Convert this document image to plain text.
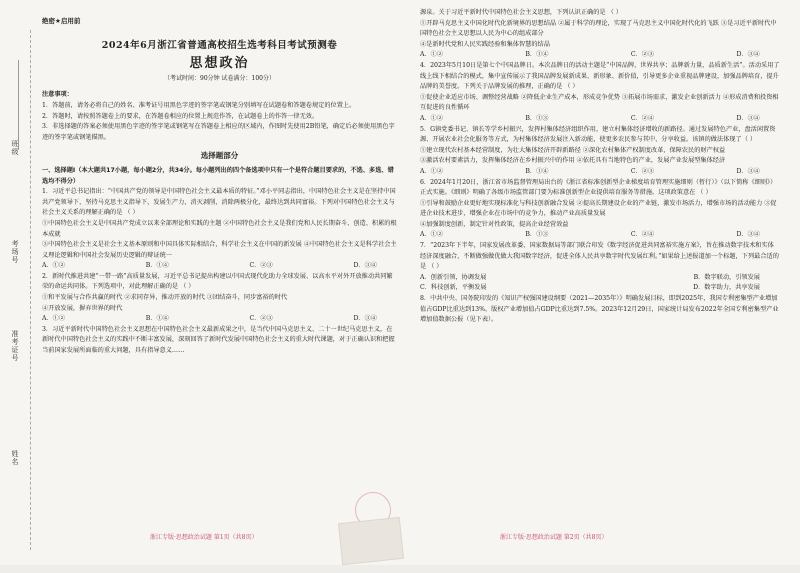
班级
考场号
准考证号
姓名
绝密★启用前
2024年6月浙江省普通高校招生选考科目考试预测卷
思想政治
（考试时间：90分钟 试卷满分：100分）
注意事项：

1．答题前，请务必将自己的姓名、准考证号用黑色字迹的签字笔或钢笔分别填写在试题卷和答题卷规定的位置上。

2．答题时，请按照答题卷上的要求，在答题卷相应的位置上规范作答，在试题卷上的作答一律无效。

3．非选择题的答案必须使用黑色字迹的签字笔或钢笔写在答题卷上相应的区域内，作图时先使用2B铅笔，确定后必须使用黑色字迹的签字笔或钢笔描黑。

选择题部分

一、选择题Ⅰ（本大题共17小题，每小题2分，共34分。每小题列出的四个备选项中只有一个是符合题目要求的，不选、多选、错选均不得分）

1．习近平总书记指出：“中国共产党的领导是中国特色社会主义最本质的特征。”邓小平同志指出，中国特色社会主义是在坚持中国共产党领导下，坚持马克思主义指导下，发展生产力，消灭剥削，消除两极分化，最终达到共同富裕。下列对中国特色社会主义与社会主义关系的理解正确的是 （ ）

①中国特色社会主义是中国共产党成立以来全部理论和实践的主题 ②中国特色社会主义是我们党和人民长期奋斗、创造、积累的根本成就

③中国特色社会主义是社会主义基本原则和中国具体实际相结合，科学社会主义在中国的新发展 ④中国特色社会主义是科学社会主义理论逻辑和中国社会发展历史逻辑的辩证统一

A．①②	B．①④	C．②③	D．③④

2．新时代推进共建“一带一路”高质量发展，习近平总书记提出构建以中国式现代化助力全球发展、以高水平对外开放推动共同繁荣的命运共同体。下列选项中，对此理解正确的是 （ ）

①和平发展与合作共赢的时代 ②求同存异，推动开放的时代 ③团结奋斗，同步富裕的时代

④开放发展，摒弃世界的时代

A．①②	B．①④	C．②③	D．③④

3．习近平新时代中国特色社会主义思想在中国特色社会主义最新成果之中，是当代中国马克思主义、二十一世纪马克思主义，在新时代中国特色社会主义的实践中不断丰富发展，深刻回答了新时代发展中国特色社会主义的重大时代课题，对于正确认识和把握当前国家发展所面临的重大问题，具有指导意义……

源泉。关于习近平新时代中国特色社会主义思想，下列认识正确的是 （ ）

①开辟马克思主义中国化时代化新境界的思想结晶 ②属于科学的理论，实现了马克思主义中国化时代化的飞跃 ③是习近平新时代中国特色社会主义思想以人民为中心的组成部分

④是新时代党和人民实践经验和集体智慧的结晶

A．①②	B．①④	C．②③	D．③④

4．2023年5月10日是第七个中国品牌日。本次品牌日的活动主题是“中国品牌，世界共享；品牌新力量，品质新生活”。活动采用了线上线下相结合的模式，集中宣传展示了我国品牌发展新成果、新形象、新价值，引导更多企业重视品牌建设，加强品牌培育，提升品牌的美誉度。下列关于品牌发展的推理，正确的是 （ ）

①促使企业适应市场、调整经营战略 ②降低企业生产成本，形成竞争优势 ③拓展市场需求，激发企业创新活力 ④形成消费和投资相互促进的良性循环

A．①②	B．①③	C．②④	D．③④

5．G镇党委书记、镇长等学乡村振兴，发挥村集体经济组织作用，建立村集体经济增收的新路径。通过发展特色产业，盘活闲置资源、开展农业社会化服务等方式，为村集体经济发展注入新动能，使更多农民参与其中、分享收益。该镇的做法体现了（ ）

①建立现代农村基本经营制度，为壮大集体经济开辟新路径 ②深化农村集体产权制度改革，保障农民的财产权益

③激活农村要素活力，发挥集体经济在乡村振兴中的作用 ④依托具有当地特色的产业，发展产业发展型集体经济

A．①②	B．①④	C．②③	D．③④

6．2024年1月20日，浙江省市场监督管理局出台的《浙江省标准创新型企业梯度培育管理实施细则（暂行）》（以下简称《细则》）正式实施。《细则》明确了各级市场监管部门要为标准创新型企业提供培育服务等措施。这项政策意在 （ ）

①引导和鼓励企业更好地实现标准化与科技创新融合发展 ②提高长期建设企业的产业链，激发市场活力，增强市场的活动能力 ③促进企业技术进步，增强企业在市场中的竞争力，推动产业高质量发展

④加强制度创新，制定针对性政策，提高企业经营效益

A．①②	B．①③	C．②④	D．③④

7．“2023年下半年，国家发展改革委、国家数据局等部门联合印发《数字经济促进共同富裕实施方案》，旨在推动数字技术和实体经济深度融合，不断做强做优做大我国数字经济，促进全体人民共享数字时代发展红利。”如果给上述报道加一个标题，下列最合适的是 （ ）

A．创新引领，协调发展	B．数字联动，引领发展
C．科技创新，平衡发展	D．数字助力，共享发展

8．中共中央、国务院印发的《知识产权强国建设纲要（2021—2035年）》明确发展目标，即到2025年，我国专利密集型产业增加值占GDP比重达到13%，版权产业增加值占GDP比重达到7.5%。2023年12月29日，国家统计局发布2022年全国专利密集型产业增加值数据公报（见下表）。

浙江专版·思想政治试题 第1页（共8页）	浙江专版·思想政治试题 第2页（共8页）
